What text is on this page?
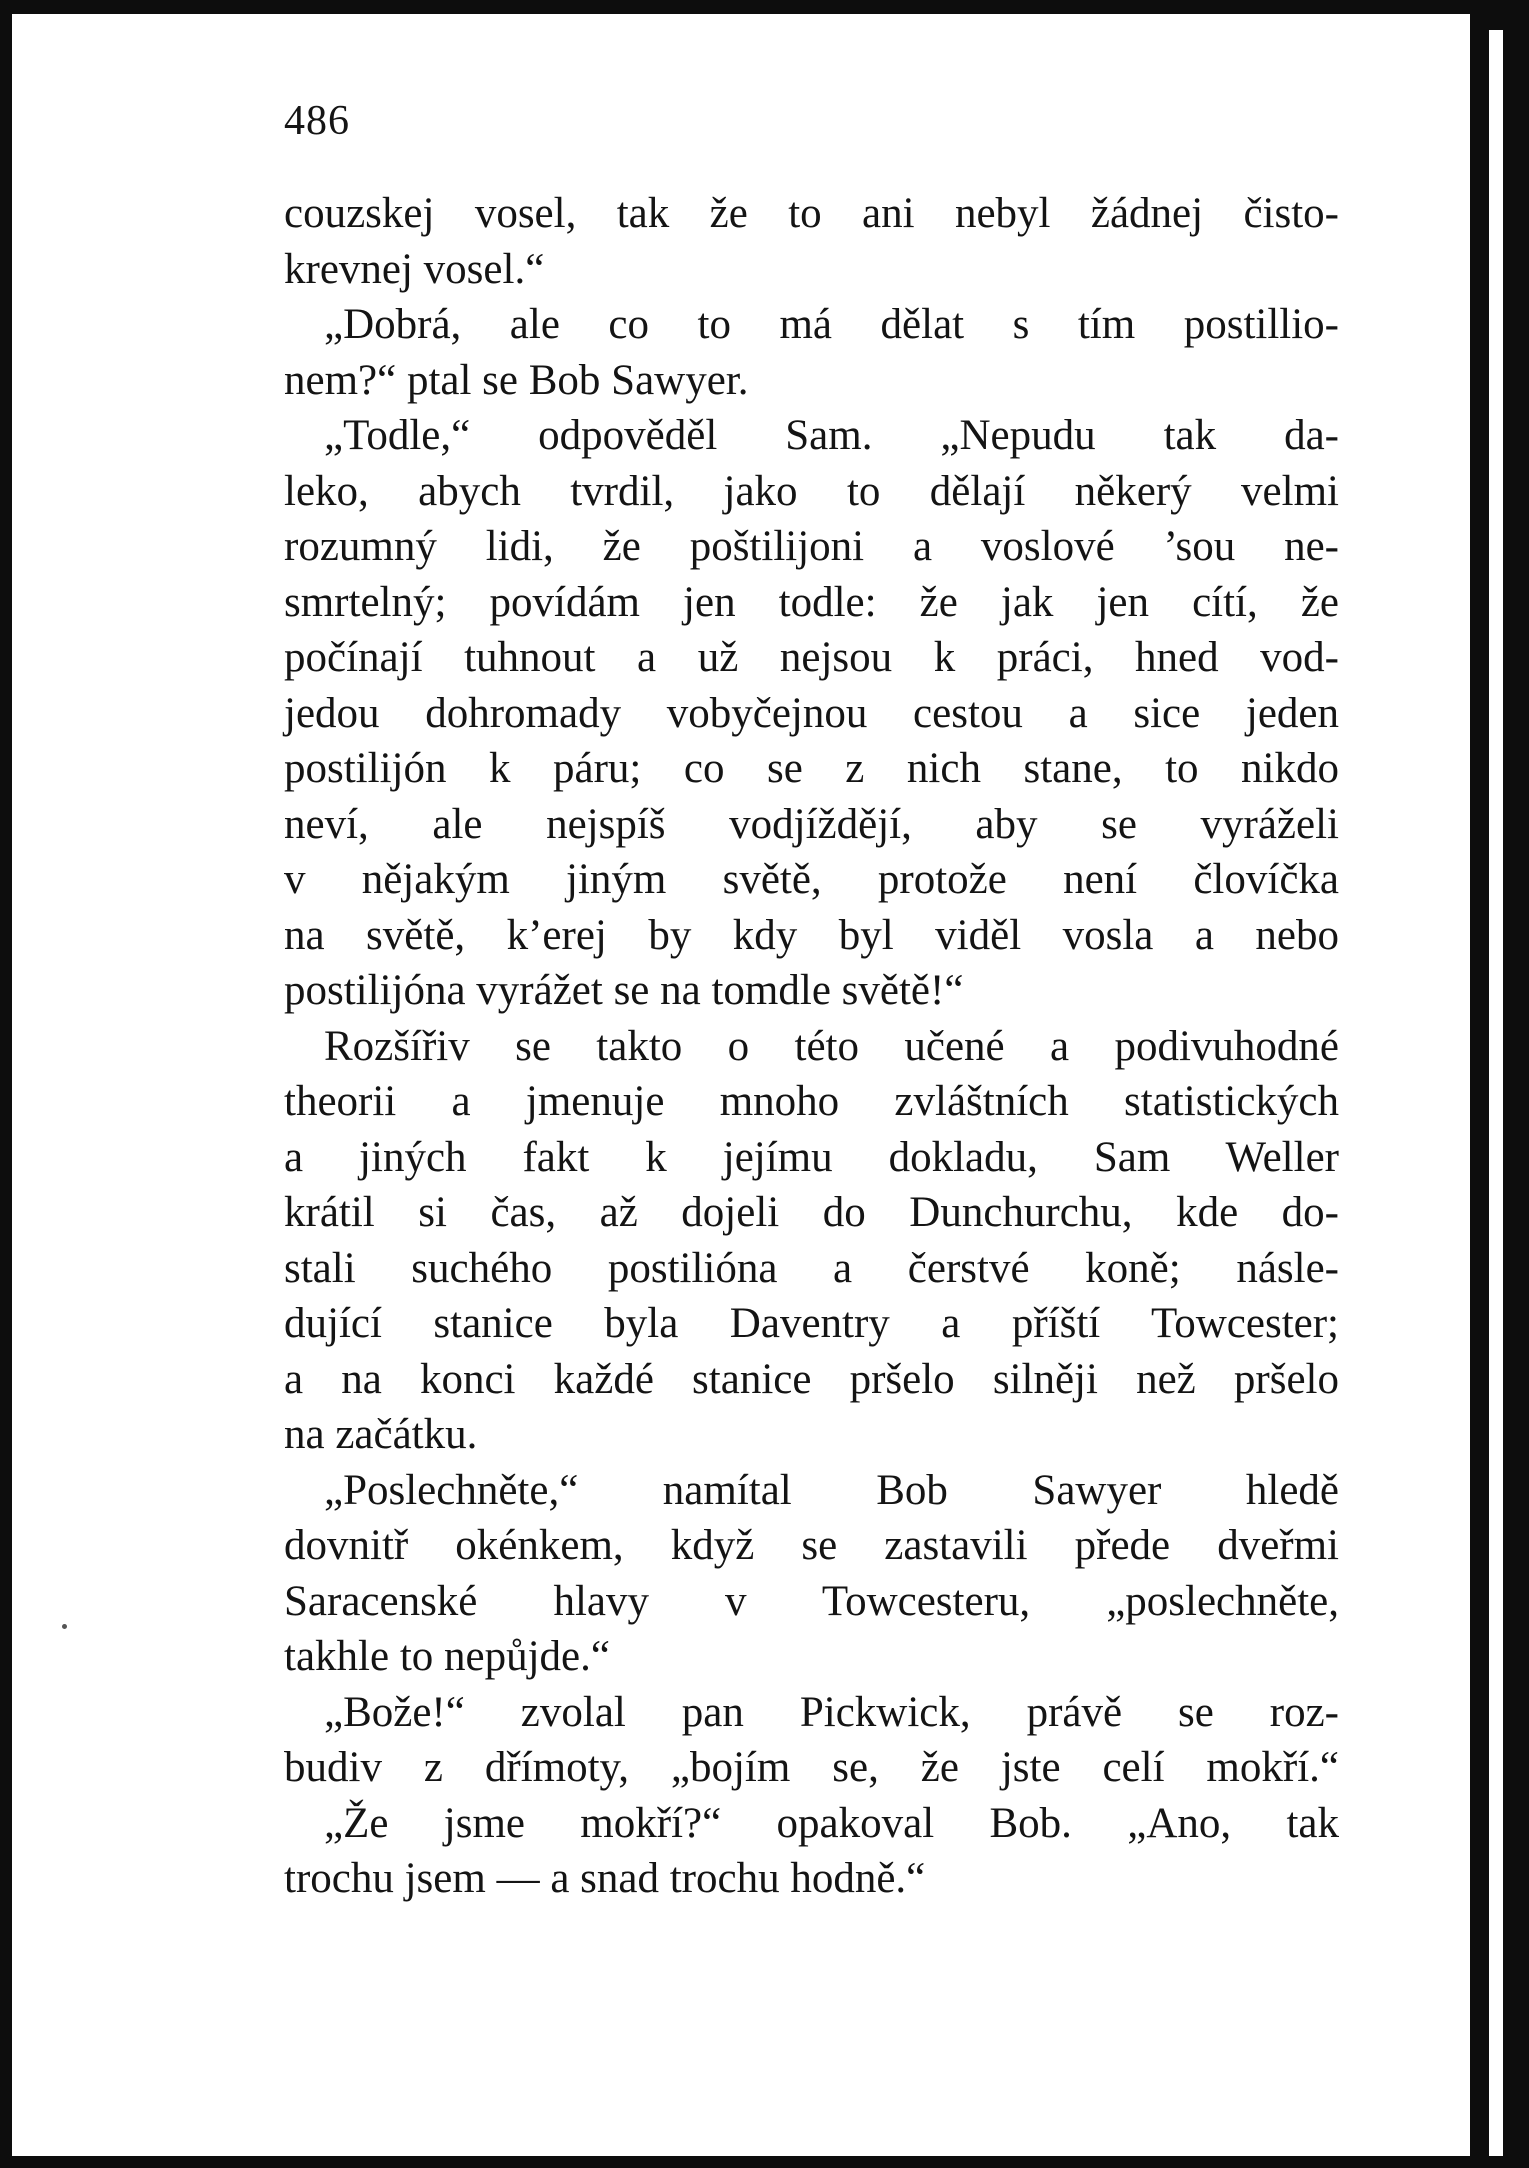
486
couzskej vosel, tak že to ani nebyl žádnej čisto-
krevnej vosel.“
„Dobrá, ale co to má dělat s tím postillio-
nem?“ ptal se Bob Sawyer.
„Todle,“ odpověděl Sam. „Nepudu tak da-
leko, abych tvrdil, jako to dělají někerý velmi
rozumný lidi, že poštilijoni a voslové ’sou ne-
smrtelný; povídám jen todle: že jak jen cítí, že
počínají tuhnout a už nejsou k práci, hned vod-
jedou dohromady vobyčejnou cestou a sice jeden
postilijón k páru; co se z nich stane, to nikdo
neví, ale nejspíš vodjíždějí, aby se vyráželi
v nějakým jiným světě, protože není človíčka
na světě, k’erej by kdy byl viděl vosla a nebo
postilijóna vyrážet se na tomdle světě!“
Rozšířiv se takto o této učené a podivuhodné
theorii a jmenuje mnoho zvláštních statistických
a jiných fakt k jejímu dokladu, Sam Weller
krátil si čas, až dojeli do Dunchurchu, kde do-
stali suchého postilióna a čerstvé koně; násle-
dující stanice byla Daventry a příští Towcester;
a na konci každé stanice pršelo silněji než pršelo
na začátku.
„Poslechněte,“ namítal Bob Sawyer hledě
dovnitř okénkem, když se zastavili přede dveřmi
Saracenské hlavy v Towcesteru, „poslechněte,
takhle to nepůjde.“
„Bože!“ zvolal pan Pickwick, právě se roz-
budiv z dřímoty, „bojím se, že jste celí mokří.“
„Že jsme mokří?“ opakoval Bob. „Ano, tak
trochu jsem — a snad trochu hodně.“
